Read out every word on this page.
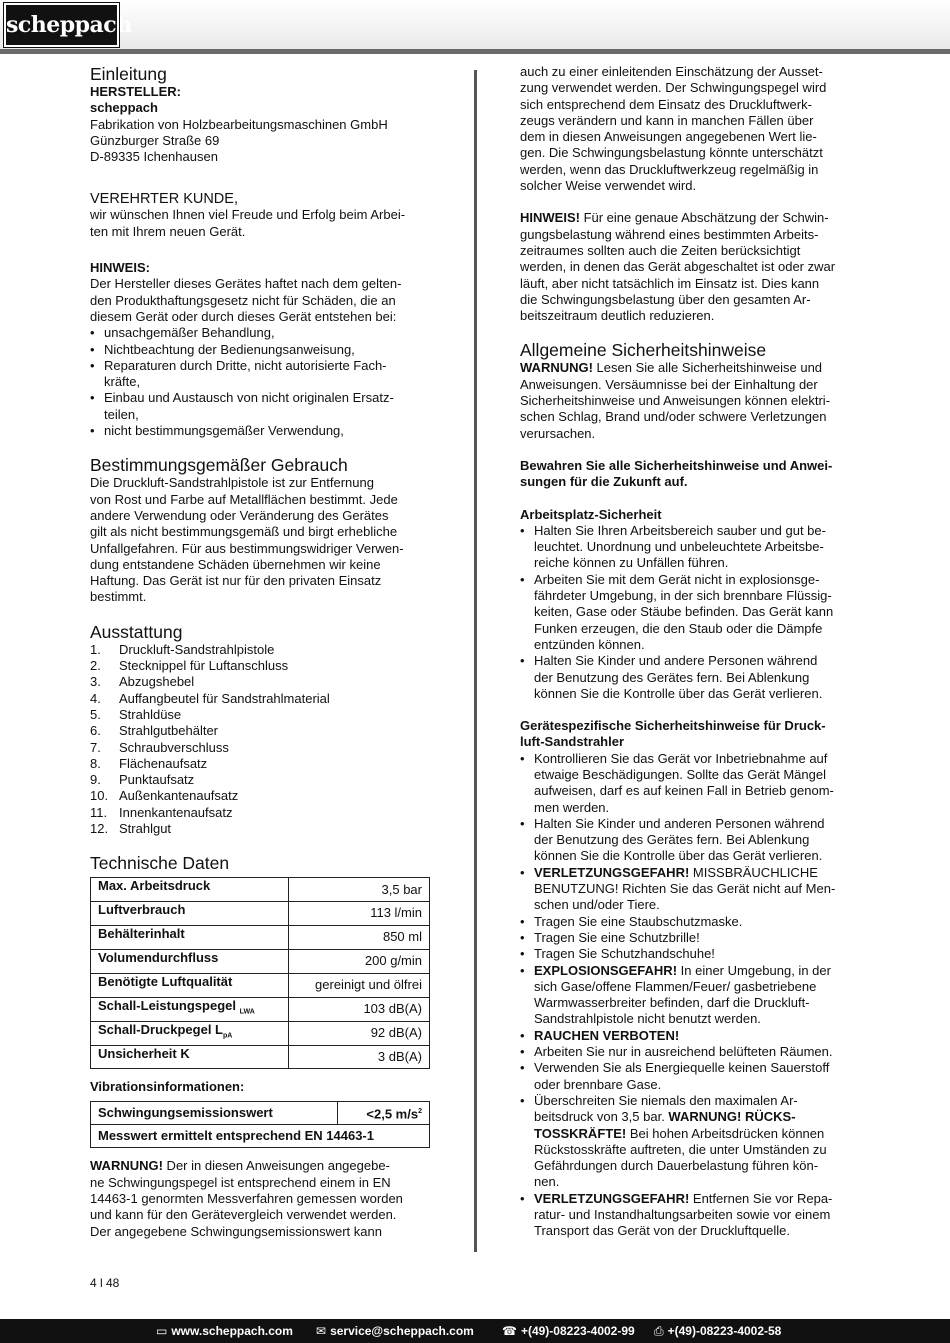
scheppach
Einleitung
HERSTELLER:
scheppach
Fabrikation von Holzbearbeitungsmaschinen GmbH
Günzburger Straße 69
D-89335 Ichenhausen
VEREHRTER KUNDE,
wir wünschen Ihnen viel Freude und Erfolg beim Arbei-
ten mit Ihrem neuen Gerät.
HINWEIS:
Der Hersteller dieses Gerätes haftet nach dem gelten-
den Produkthaftungsgesetz nicht für Schäden, die an
diesem Gerät oder durch dieses Gerät entstehen bei:
• unsachgemäßer Behandlung,
• Nichtbeachtung der Bedienungsanweisung,
• Reparaturen durch Dritte, nicht autorisierte Fach-
kräfte,
• Einbau und Austausch von nicht originalen Ersatz-
teilen,
• nicht bestimmungsgemäßer Verwendung,
Bestimmungsgemäßer Gebrauch
Die Druckluft-Sandstrahlpistole ist zur Entfernung
von Rost und Farbe auf Metallflächen bestimmt. Jede
andere Verwendung oder Veränderung des Gerätes
gilt als nicht bestimmungsgemäß und birgt erhebliche
Unfallgefahren. Für aus bestimmungswidriger Verwen-
dung entstandene Schäden übernehmen wir keine
Haftung. Das Gerät ist nur für den privaten Einsatz
bestimmt.
Ausstattung
1.	Druckluft-Sandstrahlpistole
2.	Stecknippel für Luftanschluss
3.	Abzugshebel
4.	Auffangbeutel für Sandstrahlmaterial
5.	Strahldüse
6.	Strahlgutbehälter
7.	Schraubverschluss
8.	Flächenaufsatz
9.	Punktaufsatz
10. Außenkantenaufsatz
11. Innenkantenaufsatz
12. Strahlgut
Technische Daten
Max. Arbeitsdruck	3,5 bar
Luftverbrauch	113 l/min
Behälterinhalt	850 ml
Volumendurchfluss	200 g/min
Benötigte Luftqualität	gereinigt und ölfrei
Schall-Leistungspegel $_{LWA}$	103 dB(A)
Schall-Druckpegel $L_{pA}$	92 dB(A)
Unsicherheit K	3 dB(A)
Vibrationsinformationen:
Schwingungsemissionswert	<2,5 $m/s^2$
Messwert ermittelt entsprechend EN 14463-1
WARNUNG! Der in diesen Anweisungen angegebe-
ne Schwingungspegel ist entsprechend einem in EN
14463-1 genormten Messverfahren gemessen worden
und kann für den Gerätevergleich verwendet werden.
Der angegebene Schwingungsemissionswert kann
auch zu einer einleitenden Einschätzung der Ausset-
zung verwendet werden. Der Schwingungspegel wird
sich entsprechend dem Einsatz des Druckluftwerk-
zeugs verändern und kann in manchen Fällen über
dem in diesen Anweisungen angegebenen Wert lie-
gen. Die Schwingungsbelastung könnte unterschätzt
werden, wenn das Druckluftwerkzeug regelmäßig in
solcher Weise verwendet wird.
HINWEIS! Für eine genaue Abschätzung der Schwin-
gungsbelastung während eines bestimmten Arbeits-
zeitraumes sollten auch die Zeiten berücksichtigt
werden, in denen das Gerät abgeschaltet ist oder zwar
läuft, aber nicht tatsächlich im Einsatz ist. Dies kann
die Schwingungsbelastung über den gesamten Ar-
beitszeitraum deutlich reduzieren.
Allgemeine Sicherheitshinweise
WARNUNG! Lesen Sie alle Sicherheitshinweise und
Anweisungen. Versäumnisse bei der Einhaltung der
Sicherheitshinweise und Anweisungen können elektri-
schen Schlag, Brand und/oder schwere Verletzungen
verursachen.
Bewahren Sie alle Sicherheitshinweise und Anwei-
sungen für die Zukunft auf.
Arbeitsplatz-Sicherheit
• Halten Sie Ihren Arbeitsbereich sauber und gut be-
leuchtet. Unordnung und unbeleuchtete Arbeitsbe-
reiche können zu Unfällen führen.
• Arbeiten Sie mit dem Gerät nicht in explosionsge-
fährdeter Umgebung, in der sich brennbare Flüssig-
keiten, Gase oder Stäube befinden. Das Gerät kann
Funken erzeugen, die den Staub oder die Dämpfe
entzünden können.
• Halten Sie Kinder und andere Personen während
der Benutzung des Gerätes fern. Bei Ablenkung
können Sie die Kontrolle über das Gerät verlieren.
Gerätespezifische Sicherheitshinweise für Druck-
luft-Sandstrahler
• Kontrollieren Sie das Gerät vor Inbetriebnahme auf
etwaige Beschädigungen. Sollte das Gerät Mängel
aufweisen, darf es auf keinen Fall in Betrieb genom-
men werden.
• Halten Sie Kinder und anderen Personen während
der Benutzung des Gerätes fern. Bei Ablenkung
können Sie die Kontrolle über das Gerät verlieren.
• VERLETZUNGSGEFAHR! MISSBRÄUCHLICHE
BENUTZUNG! Richten Sie das Gerät nicht auf Men-
schen und/oder Tiere.
• Tragen Sie eine Staubschutzmaske.
• Tragen Sie eine Schutzbrille!
• Tragen Sie Schutzhandschuhe!
• EXPLOSIONSGEFAHR! In einer Umgebung, in der
sich Gase/offene Flammen/Feuer/ gasbetriebene
Warmwasserbreiter befinden, darf die Druckluft-
Sandstrahlpistole nicht benutzt werden.
• RAUCHEN VERBOTEN!
• Arbeiten Sie nur in ausreichend belüfteten Räumen.
• Verwenden Sie als Energiequelle keinen Sauerstoff
oder brennbare Gase.
• Überschreiten Sie niemals den maximalen Ar-
beitsdruck von 3,5 bar. WARNUNG! RÜCKS-
TOSSKRÄFTE! Bei hohen Arbeitsdrücken können
Rückstosskräfte auftreten, die unter Umständen zu
Gefährdungen durch Dauerbelastung führen kön-
nen.
• VERLETZUNGSGEFAHR! Entfernen Sie vor Repa-
ratur- und Instandhaltungsarbeiten sowie vor einem
Transport das Gerät von der Druckluftquelle.
4 l 48
▭ www.scheppach.com ✉ service@scheppach.com ☎ +(49)-08223-4002-99 ⎙ +(49)-08223-4002-58
